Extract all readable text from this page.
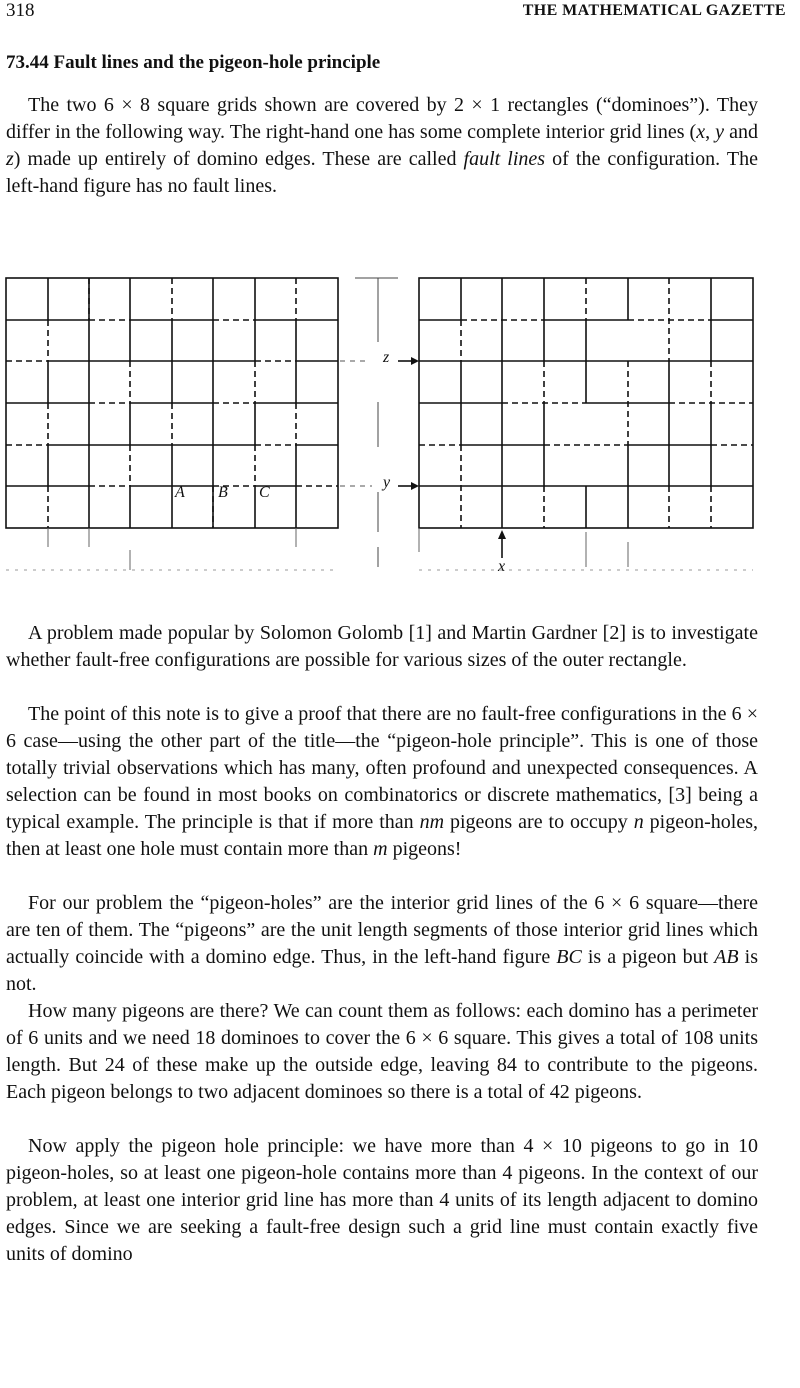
318	THE MATHEMATICAL GAZETTE
73.44 Fault lines and the pigeon-hole principle

The two 6 × 8 square grids shown are covered by 2 × 1 rectangles (“dominoes”). They differ in the following way. The right-hand one has some complete interior grid lines (x, y and z) made up entirely of domino edges. These are called fault lines of the configuration. The left-hand figure has no fault lines.

A B C
z
y
x

A problem made popular by Solomon Golomb [1] and Martin Gardner [2] is to investigate whether fault-free configurations are possible for various sizes of the outer rectangle.

The point of this note is to give a proof that there are no fault-free configurations in the 6 × 6 case—using the other part of the title—the “pigeon-hole principle”. This is one of those totally trivial observations which has many, often profound and unexpected consequences. A selection can be found in most books on combinatorics or discrete mathematics, [3] being a typical example. The principle is that if more than nm pigeons are to occupy n pigeon-holes, then at least one hole must contain more than m pigeons!

For our problem the “pigeon-holes” are the interior grid lines of the 6 × 6 square—there are ten of them. The “pigeons” are the unit length segments of those interior grid lines which actually coincide with a domino edge. Thus, in the left-hand figure BC is a pigeon but AB is not.

How many pigeons are there? We can count them as follows: each domino has a perimeter of 6 units and we need 18 dominoes to cover the 6 × 6 square. This gives a total of 108 units length. But 24 of these make up the outside edge, leaving 84 to contribute to the pigeons. Each pigeon belongs to two adjacent dominoes so there is a total of 42 pigeons.

Now apply the pigeon hole principle: we have more than 4 × 10 pigeons to go in 10 pigeon-holes, so at least one pigeon-hole contains more than 4 pigeons. In the context of our problem, at least one interior grid line has more than 4 units of its length adjacent to domino edges. Since we are seeking a fault-free design such a grid line must contain exactly five units of domino
